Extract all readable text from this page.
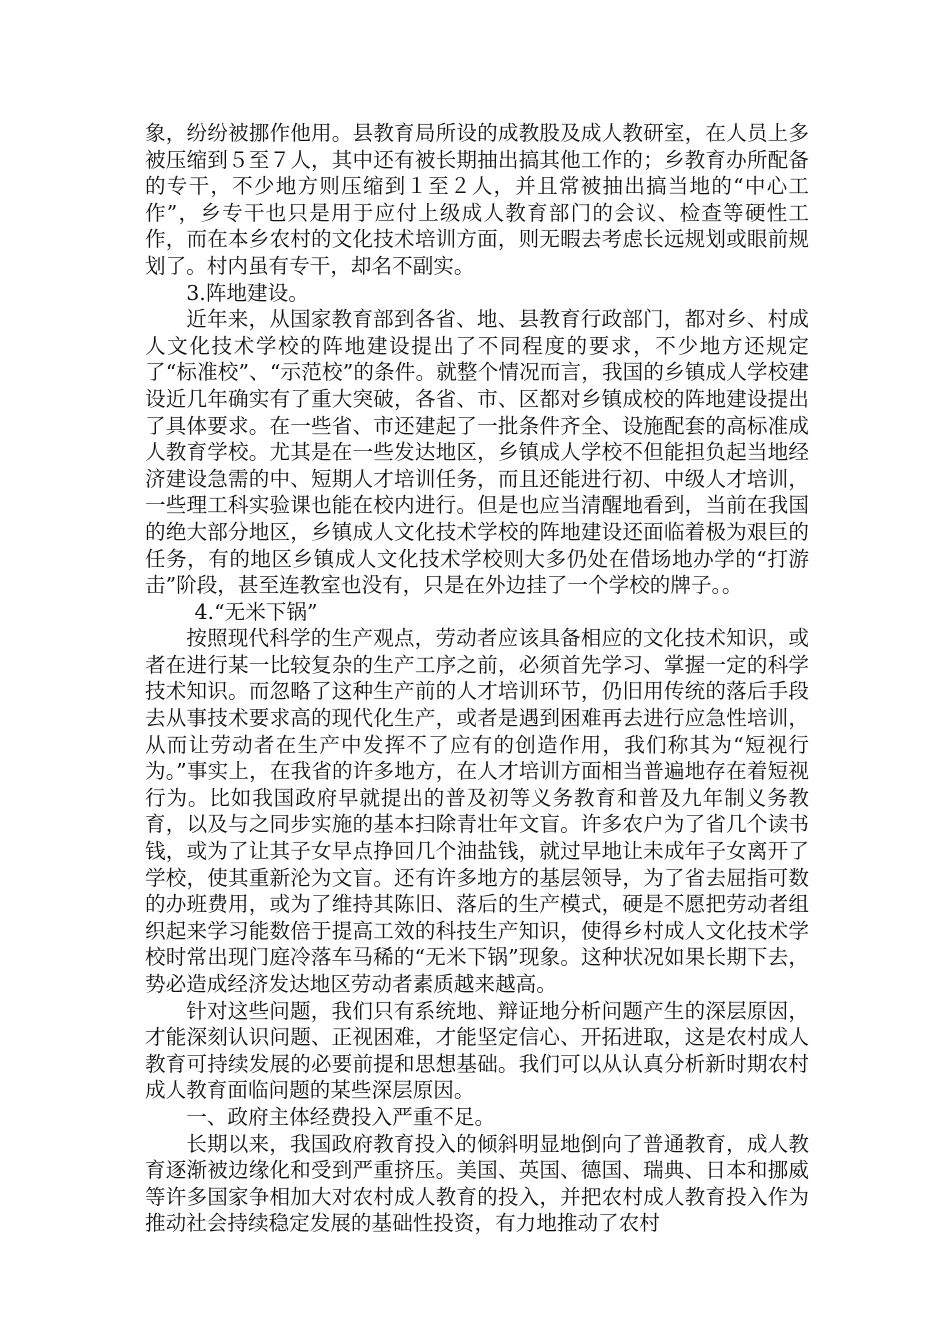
象，纷纷被挪作他用。县教育局所设的成教股及成人教研室，在人员上多被压缩到５至７人，其中还有被长期抽出搞其他工作的；乡教育办所配备的专干，不少地方则压缩到１至２人，并且常被抽出搞当地的“中心工作”，乡专干也只是用于应付上级成人教育部门的会议、检查等硬性工作，而在本乡农村的文化技术培训方面，则无暇去考虑长远规划或眼前规划了。村内虽有专干，却名不副实。

3.阵地建设。

近年来，从国家教育部到各省、地、县教育行政部门，都对乡、村成人文化技术学校的阵地建设提出了不同程度的要求，不少地方还规定了“标准校”、“示范校”的条件。就整个情况而言，我国的乡镇成人学校建设近几年确实有了重大突破，各省、市、区都对乡镇成校的阵地建设提出了具体要求。在一些省、市还建起了一批条件齐全、设施配套的高标准成人教育学校。尤其是在一些发达地区，乡镇成人学校不但能担负起当地经济建设急需的中、短期人才培训任务，而且还能进行初、中级人才培训，一些理工科实验课也能在校内进行。但是也应当清醒地看到，当前在我国的绝大部分地区，乡镇成人文化技术学校的阵地建设还面临着极为艰巨的任务，有的地区乡镇成人文化技术学校则大多仍处在借场地办学的“打游击”阶段，甚至连教室也没有，只是在外边挂了一个学校的牌子。。

4.“无米下锅”

按照现代科学的生产观点，劳动者应该具备相应的文化技术知识，或者在进行某一比较复杂的生产工序之前，必须首先学习、掌握一定的科学技术知识。而忽略了这种生产前的人才培训环节，仍旧用传统的落后手段去从事技术要求高的现代化生产，或者是遇到困难再去进行应急性培训，从而让劳动者在生产中发挥不了应有的创造作用，我们称其为“短视行为。”事实上，在我省的许多地方，在人才培训方面相当普遍地存在着短视行为。比如我国政府早就提出的普及初等义务教育和普及九年制义务教育，以及与之同步实施的基本扫除青壮年文盲。许多农户为了省几个读书钱，或为了让其子女早点挣回几个油盐钱，就过早地让未成年子女离开了学校，使其重新沦为文盲。还有许多地方的基层领导，为了省去屈指可数的办班费用，或为了维持其陈旧、落后的生产模式，硬是不愿把劳动者组织起来学习能数倍于提高工效的科技生产知识，使得乡村成人文化技术学校时常出现门庭冷落车马稀的“无米下锅”现象。这种状况如果长期下去，势必造成经济发达地区劳动者素质越来越高。

针对这些问题，我们只有系统地、辩证地分析问题产生的深层原因，才能深刻认识问题、正视困难，才能坚定信心、开拓进取，这是农村成人教育可持续发展的必要前提和思想基础。我们可以从认真分析新时期农村成人教育面临问题的某些深层原因。

一、政府主体经费投入严重不足。

长期以来，我国政府教育投入的倾斜明显地倒向了普通教育，成人教育逐渐被边缘化和受到严重挤压。美国、英国、德国、瑞典、日本和挪威等许多国家争相加大对农村成人教育的投入，并把农村成人教育投入作为推动社会持续稳定发展的基础性投资，有力地推动了农村
